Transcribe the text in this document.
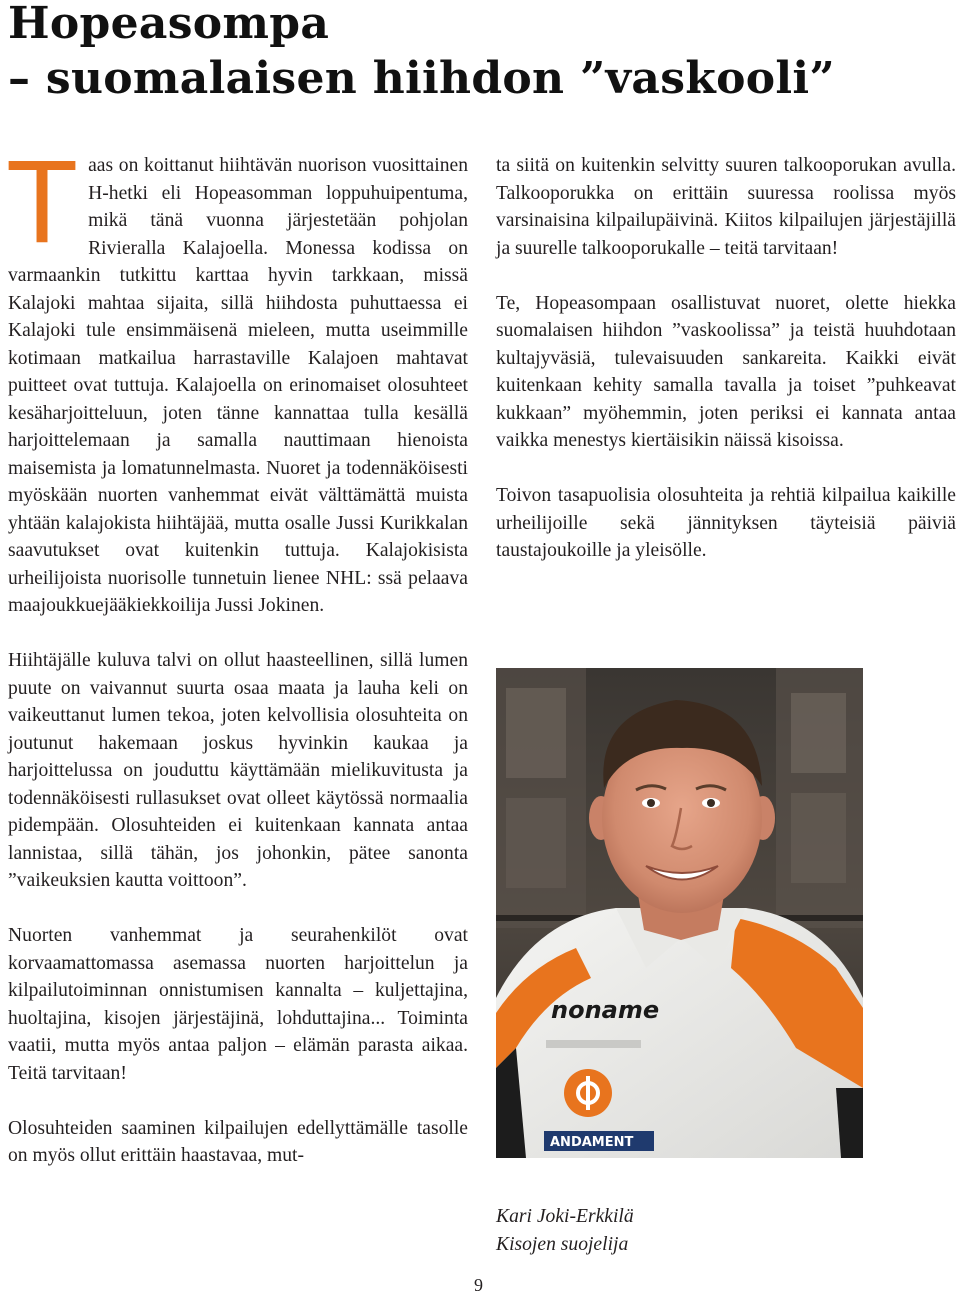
Hopeasompa
– suomalaisen hiihdon ”vaskooli”

Taas on koittanut hiihtävän nuorison vuosittainen H-hetki eli Hopeasomman loppuhuipentuma, mikä tänä vuonna järjestetään pohjolan Rivieralla Kalajoella. Monessa kodissa on varmaankin tutkittu karttaa hyvin tarkkaan, missä Kalajoki mahtaa sijaita, sillä hiihdosta puhuttaessa ei Kalajoki tule ensimmäisenä mieleen, mutta useimmille kotimaan matkailua harrastaville Kalajoen mahtavat puitteet ovat tuttuja. Kalajoella on erinomaiset olosuhteet kesäharjoitteluun, joten tänne kannattaa tulla kesällä harjoittelemaan ja samalla nauttimaan hienoista maisemista ja lomatunnelmasta. Nuoret ja todennäköisesti myöskään nuorten vanhemmat eivät välttämättä muista yhtään kalajokista hiihtäjää, mutta osalle Jussi Kurikkalan saavutukset ovat kuitenkin tuttuja. Kalajokisista urheilijoista nuorisolle tunnetuin lienee NHL: ssä pelaava maajoukkuejääkiekkoilija Jussi Jokinen.

Hiihtäjälle kuluva talvi on ollut haasteellinen, sillä lumen puute on vaivannut suurta osaa maata ja lauha keli on vaikeuttanut lumen tekoa, joten kelvollisia olosuhteita on joutunut hakemaan joskus hyvinkin kaukaa ja harjoittelussa on jouduttu käyttämään mielikuvitusta ja todennäköisesti rullasukset ovat olleet käytössä normaalia pidempään. Olosuhteiden ei kuitenkaan kannata antaa lannistaa, sillä tähän, jos johonkin, pätee sanonta ”vaikeuksien kautta voittoon”.

Nuorten vanhemmat ja seurahenkilöt ovat korvaamattomassa asemassa nuorten harjoittelun ja kilpailutoiminnan onnistumisen kannalta – kuljettajina, huoltajina, kisojen järjestäjinä, lohduttajina... Toiminta vaatii, mutta myös antaa paljon – elämän parasta aikaa. Teitä tarvitaan!

Olosuhteiden saaminen kilpailujen edellyttämälle tasolle on myös ollut erittäin haastavaa, mut-

ta siitä on kuitenkin selvitty suuren talkooporukan avulla. Talkooporukka on erittäin suuressa roolissa myös varsinaisina kilpailupäivinä. Kiitos kilpailujen järjestäjillä ja suurelle talkooporukalle – teitä tarvitaan!

Te, Hopeasompaan osallistuvat nuoret, olette hiekka suomalaisen hiihdon ”vaskoolissa” ja teistä huuhdotaan kultajyväsiä, tulevaisuuden sankareita. Kaikki eivät kuitenkaan kehity samalla tavalla ja toiset ”puhkeavat kukkaan” myöhemmin, joten periksi ei kannata antaa vaikka menestys kiertäisikin näissä kisoissa.

Toivon tasapuolisia olosuhteita ja rehtiä kilpailua kaikille urheilijoille sekä jännityksen täyteisiä päiviä taustajoukoille ja yleisölle.

noname
ANDAMENT
Kari Joki-Erkkilä
Kisojen suojelija
9
